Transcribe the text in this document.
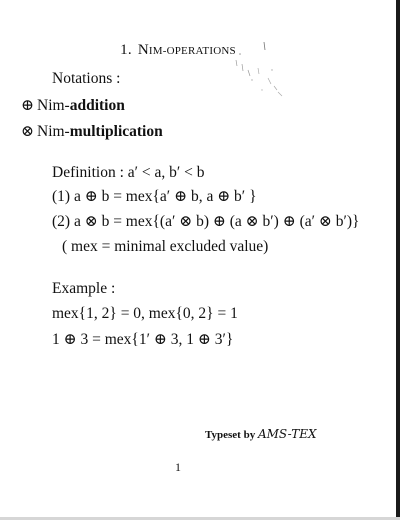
1. NIM-OPERATIONS
Notations :
⊕ Nim-addition
⊗ Nim-multiplication
Definition : a′ < a, b′ < b
(1) a ⊕ b = mex{a′ ⊕ b, a ⊕ b′ }
(2) a ⊗ b = mex{(a′ ⊗ b) ⊕ (a ⊗ b′) ⊕ (a′ ⊗ b′)}
( mex = minimal excluded value)
Example :
mex{1, 2} = 0, mex{0, 2} = 1
1 ⊕ 3 = mex{1′ ⊕ 3, 1 ⊕ 3′}
Typeset by AMS-TEX
1
